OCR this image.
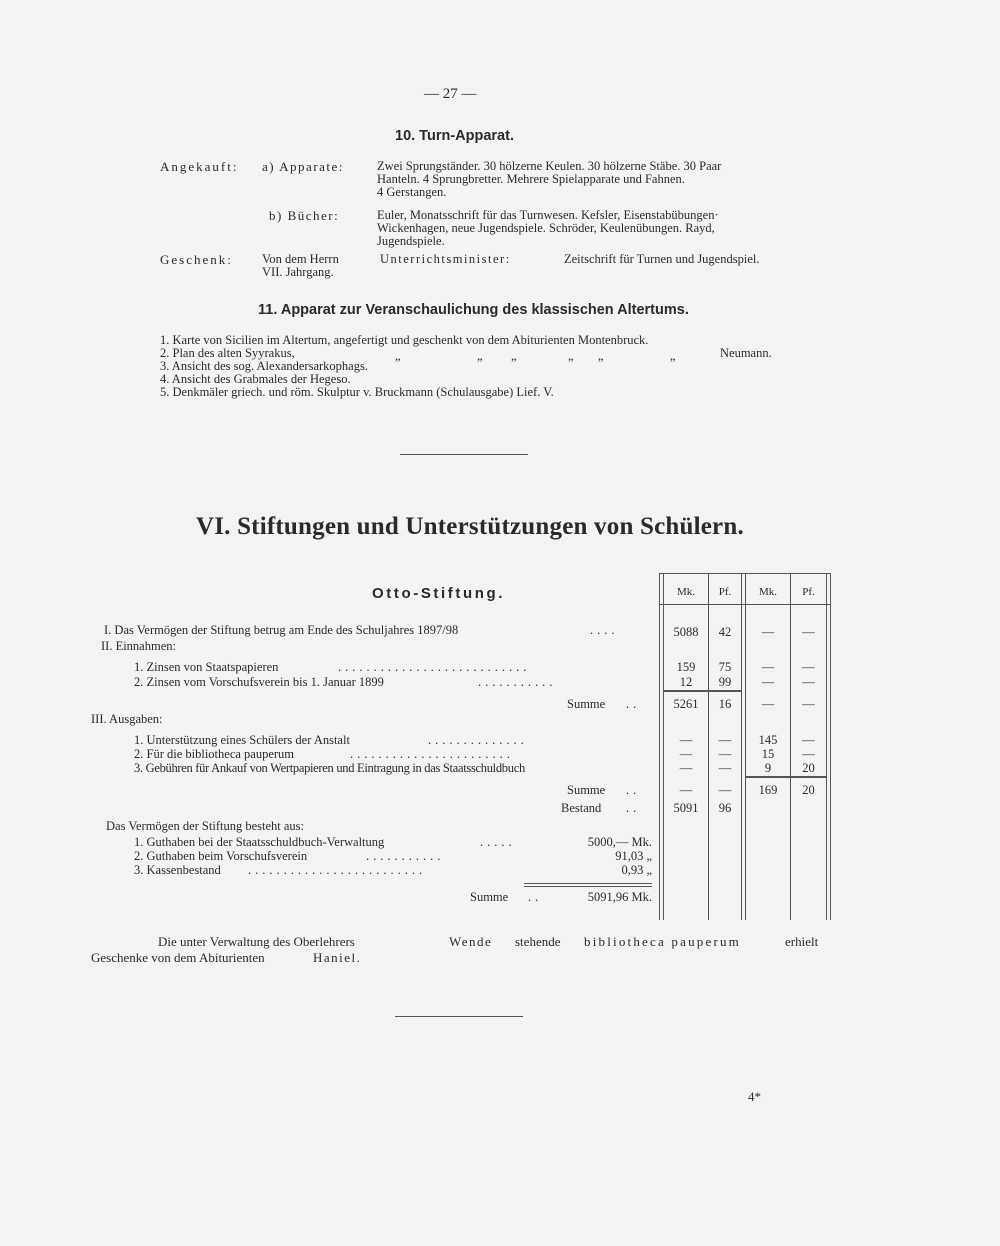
— 27 —
10. Turn-Apparat.
Angekauft: a) Apparate:	Zwei Sprungständer. 30 hölzerne Keulen. 30 hölzerne Stäbe. 30 Paar
Hanteln. 4 Sprungbretter. Mehrere Spielapparate und Fahnen.
4 Gerstangen.
b) Bücher:	Euler, Monatsschrift für das Turnwesen. Kefsler, Eisenstabübungen·
Wickenhagen, neue Jugendspiele. Schröder, Keulenübungen. Rayd,
Jugendspiele.
Geschenk: Von dem Herrn	Unterrichtsminister:	Zeitschrift für Turnen und Jugendspiel.
VII. Jahrgang.
11. Apparat zur Veranschaulichung des klassischen Altertums.
1. Karte von Sicilien im Altertum, angefertigt und geschenkt von dem Abiturienten Montenbruck.
2. Plan des alten Syyrakus,	„	„ „	„ „	„	Neumann.
3. Ansicht des sog. Alexandersarkophags.
4. Ansicht des Grabmales der Hegeso.
5. Denkmäler griech. und röm. Skulptur v. Bruckmann (Schulausgabe) Lief. V.
VI. Stiftungen und Unterstützungen von Schülern.
Otto-Stiftung.	Mk.	Pf.	Mk.	Pf.
I. Das Vermögen der Stiftung betrug am Ende des Schuljahres 1897/98	....	5088	42	—	—
II. Einnahmen:
1. Zinsen von Staatspapieren	...........................	159	75	—	—
2. Zinsen vom Vorschufsverein bis 1. Januar 1899	...........	12	99	—	—
Summe ..	5261	16	—	—
III. Ausgaben:
1. Unterstützung eines Schülers der Anstalt	..............	—	—	145	—
2. Für die bibliotheca pauperum	.......................	—	—	15	—
3. Gebühren für Ankauf von Wertpapieren und Eintragung in das Staatsschuldbuch	—	—	9	20
Summe ..	—	—	169	20
Bestand ..	5091	96
Das Vermögen der Stiftung besteht aus:
1. Guthaben bei der Staatsschuldbuch-Verwaltung	.....	5000,— Mk.
2. Guthaben beim Vorschufsverein	...........	91,03 „
3. Kassenbestand .........................	0,93 „
Summe ..	5091,96 Mk.
Die unter Verwaltung des Oberlehrers	Wende stehende bibliotheca pauperum	erhielt
Geschenke von dem Abiturienten	Haniel.
4*
